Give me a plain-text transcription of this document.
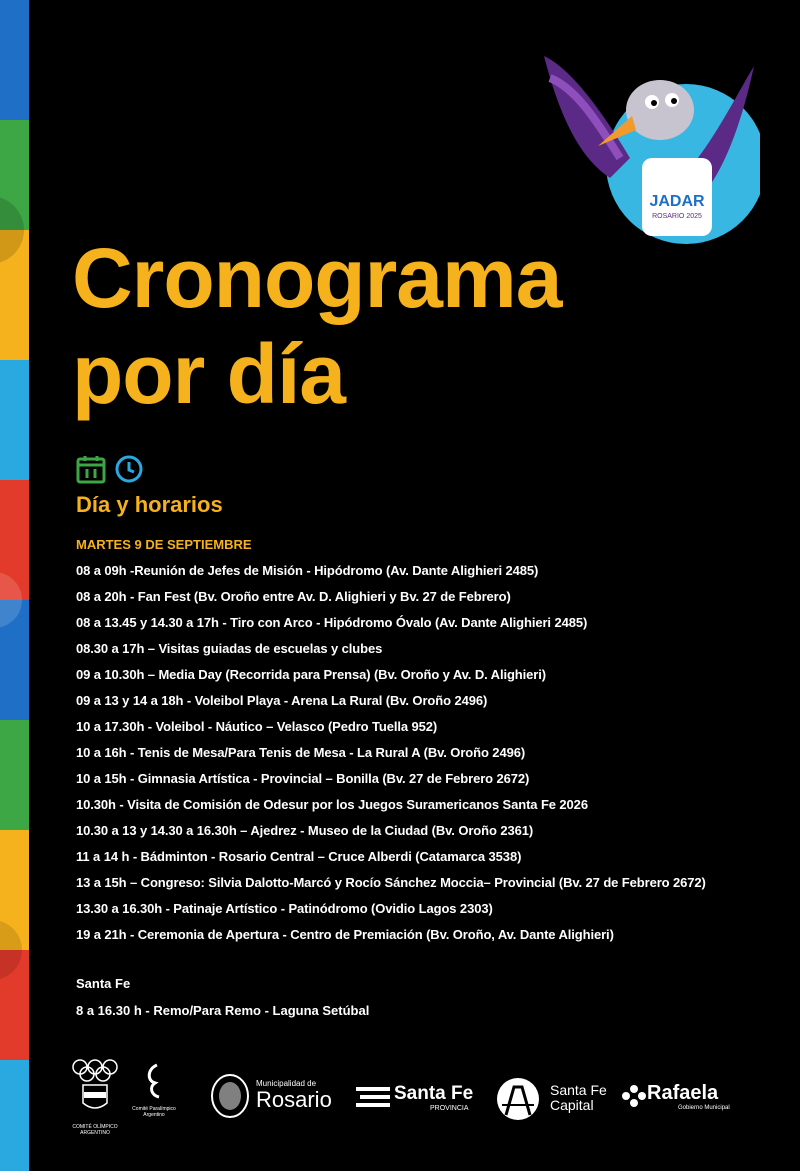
JADAR
ROSARIO 2025
Cronograma
por día
Día y horarios
MARTES 9 DE SEPTIEMBRE
08 a 09h -Reunión de Jefes de Misión - Hipódromo (Av. Dante Alighieri 2485)
08 a 20h - Fan Fest (Bv. Oroño entre Av. D. Alighieri y Bv. 27 de Febrero)
08 a 13.45 y 14.30 a 17h - Tiro con Arco - Hipódromo Óvalo (Av. Dante Alighieri 2485)
08.30 a 17h – Visitas guiadas de escuelas y clubes
09 a 10.30h – Media Day (Recorrida para Prensa) (Bv. Oroño y Av. D. Alighieri)
09 a 13 y 14 a 18h - Voleibol Playa - Arena La Rural (Bv. Oroño 2496)
10 a 17.30h - Voleibol - Náutico – Velasco (Pedro Tuella 952)
10 a 16h - Tenis de Mesa/Para Tenis de Mesa - La Rural A (Bv. Oroño 2496)
10 a 15h - Gimnasia Artística - Provincial – Bonilla (Bv. 27 de Febrero 2672)
10.30h - Visita de Comisión de Odesur por los Juegos Suramericanos Santa Fe 2026
10.30 a 13 y 14.30 a 16.30h – Ajedrez - Museo de la Ciudad (Bv. Oroño 2361)
11 a 14 h - Bádminton - Rosario Central – Cruce Alberdi (Catamarca 3538)
13 a 15h – Congreso: Silvia Dalotto-Marcó y Rocío Sánchez Moccia– Provincial (Bv. 27 de Febrero 2672)
13.30 a 16.30h - Patinaje Artístico - Patinódromo (Ovidio Lagos 2303)
19 a 21h - Ceremonia de Apertura - Centro de Premiación (Bv. Oroño, Av. Dante Alighieri)
Santa Fe
8 a 16.30 h - Remo/Para Remo - Laguna Setúbal
COMITÉ OLÍMPICO ARGENTINO
Comité Paralímpico Argentino
Municipalidad de
Rosario	Santa Fe
PROVINCIA
Santa Fe
Capital
Rafaela
Gobierno Municipal
